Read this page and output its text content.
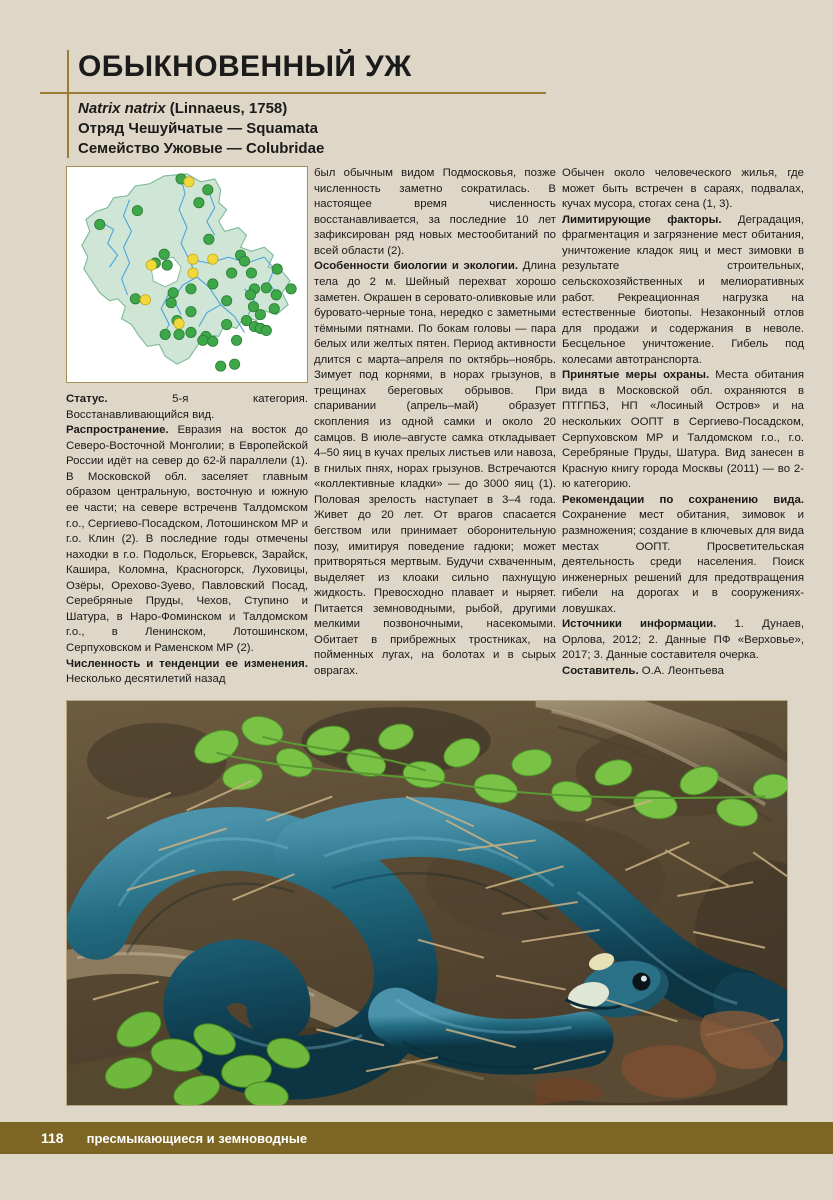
ОБЫКНОВЕННЫЙ УЖ
Natrix natrix (Linnaeus, 1758)
Отряд Чешуйчатые — Squamata
Семейство Ужовые — Colubridae

Статус. 5-я категория. Восстанавливающийся вид.

Распространение. Евразия на восток до Северо-Восточной Монголии; в Европейской России идёт на север до 62-й параллели (1). В Московской обл. заселяет главным образом центральную, восточную и южную ее части; на севере встреченв Талдомском г.о., Сергиево-Посадском, Лотошинском МР и г.о. Клин (2). В последние годы отмечены находки в г.о. Подольск, Егорьевск, Зарайск, Кашира, Коломна, Красногорск, Луховицы, Озёры, Орехово-Зуево, Павловский Посад, Серебряные Пруды, Чехов, Ступино и Шатура, в Наро-Фоминском и Талдомском г.о., в Ленинском, Лотошинском, Серпуховском и Раменском МР (2).

Численность и тенденции ее изменения. Несколько десятилетий назад

был обычным видом Подмосковья, позже численность заметно сократилась. В настоящее время численность восстанавливается, за последние 10 лет зафиксирован ряд новых местообитаний по всей области (2).

Особенности биологии и экологии. Длина тела до 2 м. Шейный перехват хорошо заметен. Окрашен в серовато-оливковые или буровато-черные тона, нередко с заметными тёмными пятнами. По бокам головы — пара белых или желтых пятен. Период активности длится с марта–апреля по октябрь–ноябрь. Зимует под корнями, в норах грызунов, в трещинах береговых обрывов. При спаривании (апрель–май) образует скопления из одной самки и около 20 самцов. В июле–августе самка откладывает 4–50 яиц в кучах прелых листьев или навоза, в гнилых пнях, норах грызунов. Встречаются «коллективные кладки» — до 3000 яиц (1). Половая зрелость наступает в 3–4 года. Живет до 20 лет. От врагов спасается бегством или принимает оборонительную позу, имитируя поведение гадюки; может притворяться мертвым. Будучи схваченным, выделяет из клоаки сильно пахнущую жидкость. Превосходно плавает и ныряет. Питается земноводными, рыбой, другими мелкими позвоночными, насекомыми. Обитает в прибрежных тростниках, на пойменных лугах, на болотах и в сырых оврагах.

Обычен около человеческого жилья, где может быть встречен в сараях, подвалах, кучах мусора, стогах сена (1, 3).

Лимитирующие факторы. Деградация, фрагментация и загрязнение мест обитания, уничтожение кладок яиц и мест зимовки в результате строительных, сельскохозяйственных и мелиоративных работ. Рекреационная нагрузка на естественные биотопы. Незаконный отлов для продажи и содержания в неволе. Бесцельное уничтожение. Гибель под колесами автотранспорта.

Принятые меры охраны. Места обитания вида в Московской обл. охраняются в ПТГПБЗ, НП «Лосиный Остров» и на нескольких ООПТ в Сергиево-Посадском, Серпуховском МР и Талдомском г.о., г.о. Серебряные Пруды, Шатура. Вид занесен в Красную книгу города Москвы (2011) — во 2-ю категорию.

Рекомендации по сохранению вида. Сохранение мест обитания, зимовок и размножения; создание в ключевых для вида местах ООПТ. Просветительская деятельность среди населения. Поиск инженерных решений для предотвращения гибели на дорогах и в сооружениях-ловушках.

Источники информации. 1. Дунаев, Орлова, 2012; 2. Данные ПФ «Верховье», 2017; 3. Данные составителя очерка.

Составитель. О.А. Леонтьева

118 пресмыкающиеся и земноводные
